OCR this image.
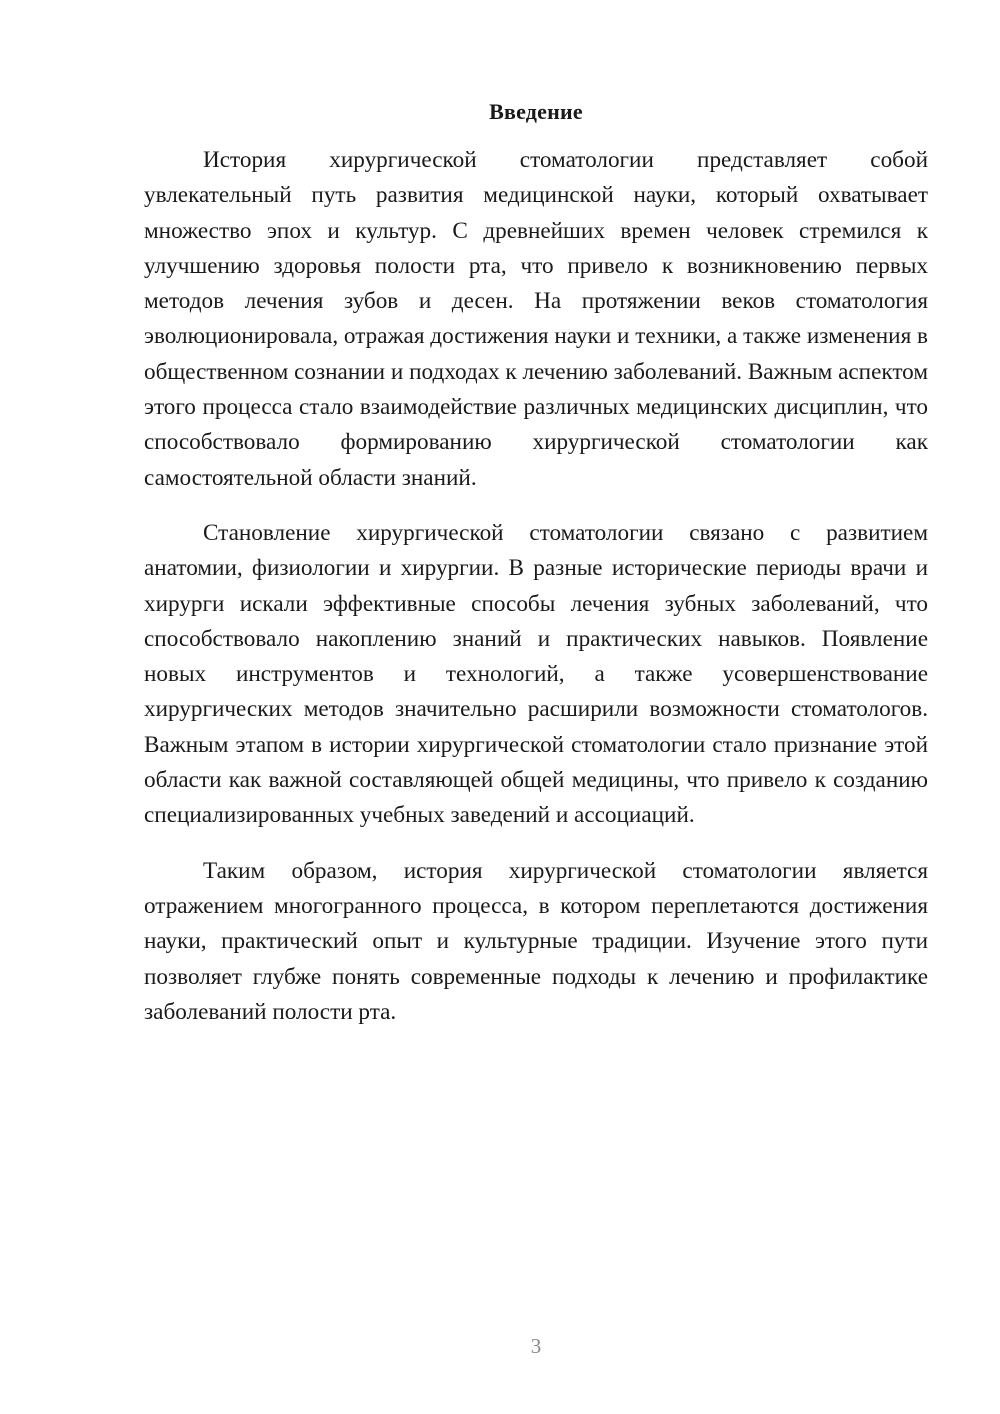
Введение

История хирургической стоматологии представляет собой увлекательный путь развития медицинской науки, который охватывает множество эпох и культур. С древнейших времен человек стремился к улучшению здоровья полости рта, что привело к возникновению первых методов лечения зубов и десен. На протяжении веков стоматология эволюционировала, отражая достижения науки и техники, а также изменения в общественном сознании и подходах к лечению заболеваний. Важным аспектом этого процесса стало взаимодействие различных медицинских дисциплин, что способствовало формированию хирургической стоматологии как самостоятельной области знаний.

Становление хирургической стоматологии связано с развитием анатомии, физиологии и хирургии. В разные исторические периоды врачи и хирурги искали эффективные способы лечения зубных заболеваний, что способствовало накоплению знаний и практических навыков. Появление новых инструментов и технологий, а также усовершенствование хирургических методов значительно расширили возможности стоматологов. Важным этапом в истории хирургической стоматологии стало признание этой области как важной составляющей общей медицины, что привело к созданию специализированных учебных заведений и ассоциаций.

Таким образом, история хирургической стоматологии является отражением многогранного процесса, в котором переплетаются достижения науки, практический опыт и культурные традиции. Изучение этого пути позволяет глубже понять современные подходы к лечению и профилактике заболеваний полости рта.

3
